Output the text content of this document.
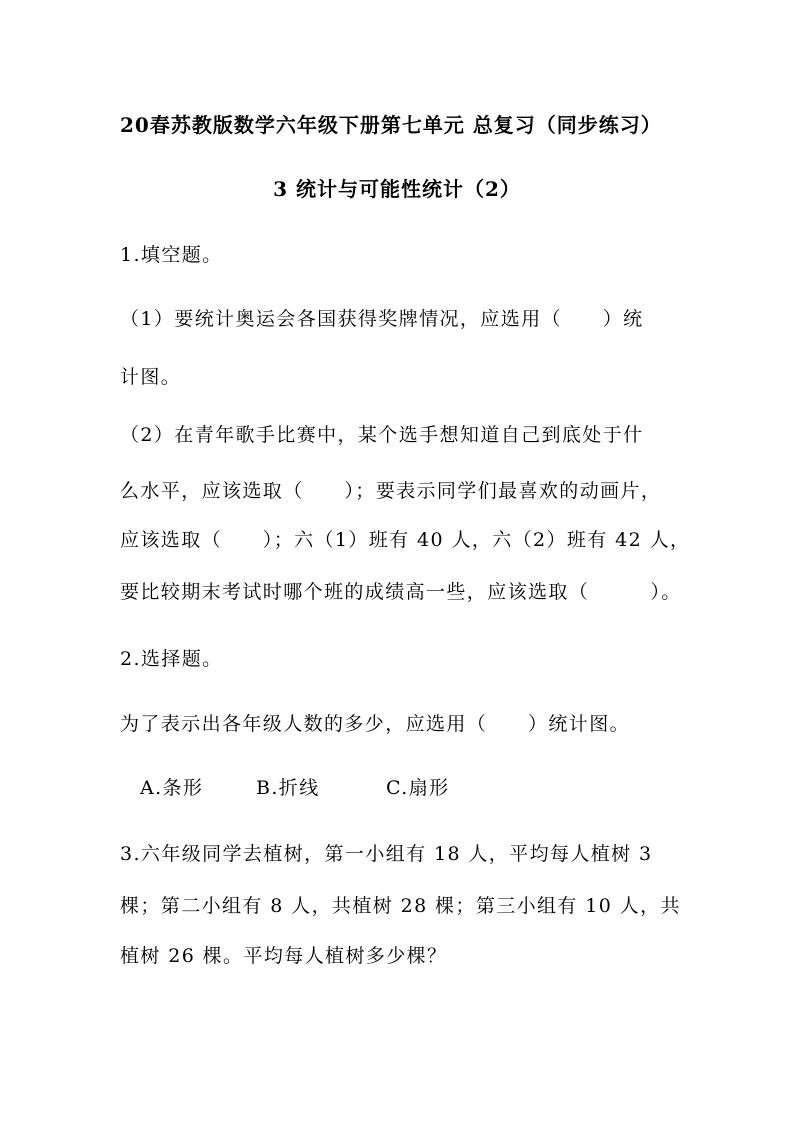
20春苏教版数学六年级下册第七单元 总复习（同步练习）
3 统计与可能性统计（2）
1.填空题。
（1）要统计奥运会各国获得奖牌情况，应选用（　　）统
计图。
（2）在青年歌手比赛中，某个选手想知道自己到底处于什
么水平，应该选取（　　）；要表示同学们最喜欢的动画片，
应该选取（　　）；六（1）班有 40 人，六（2）班有 42 人，
要比较期末考试时哪个班的成绩高一些，应该选取（　　　）。
2.选择题。
为了表示出各年级人数的多少，应选用（　　）统计图。
A.条形	B.折线	C.扇形
3.六年级同学去植树，第一小组有 18 人，平均每人植树 3
棵；第二小组有 8 人，共植树 28 棵；第三小组有 10 人，共
植树 26 棵。平均每人植树多少棵？
